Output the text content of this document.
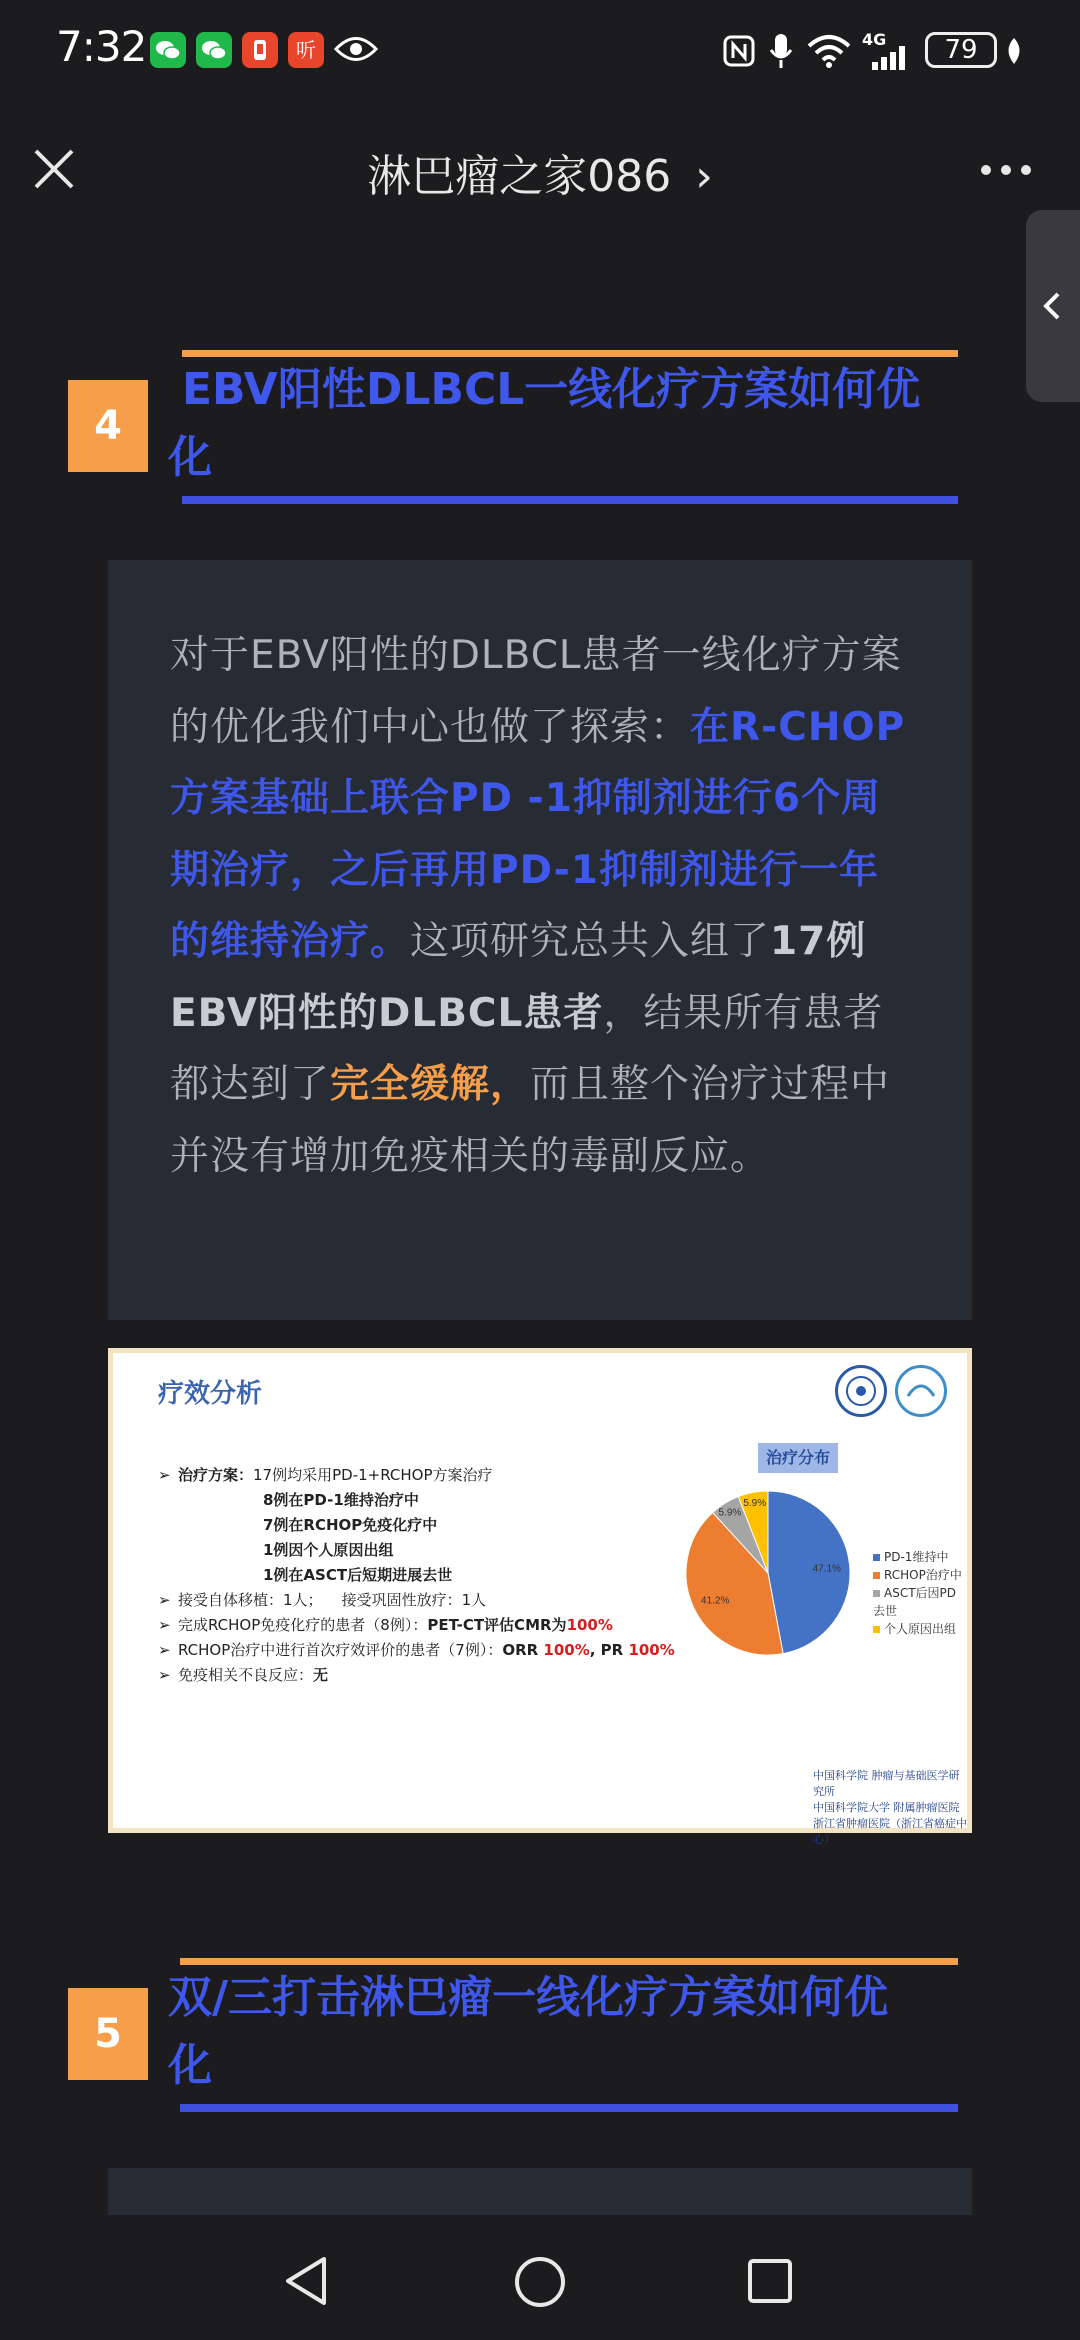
7:32	听	4G	79
淋巴瘤之家086 ›
4
EBV阳性DLBCL一线化疗方案如何优化
对于EBV阳性的DLBCL患者一线化疗方案的优化我们中心也做了探索：在R-CHOP方案基础上联合PD -1抑制剂进行6个周期治疗，之后再用PD-1抑制剂进行一年的维持治疗。这项研究总共入组了17例EBV阳性的DLBCL患者，结果所有患者都达到了完全缓解，而且整个治疗过程中并没有增加免疫相关的毒副反应。
疗效分析
➢ 治疗方案：17例均采用PD-1+RCHOP方案治疗
8例在PD-1维持治疗中
7例在RCHOP免疫化疗中
1例因个人原因出组
1例在ASCT后短期进展去世
➢ 接受自体移植：1人；    接受巩固性放疗：1人
➢ 完成RCHOP免疫化疗的患者（8例）：PET-CT评估CMR为100%
➢ RCHOP治疗中进行首次疗效评价的患者（7例）：ORR 100%, PR 100%
➢ 免疫相关不良反应：无
治疗分布
47.1%
41.2%
5.9%
5.9%
PD-1维持中
RCHOP治疗中
ASCT后因PD去世
个人原因出组
中国科学院 肿瘤与基础医学研究所
中国科学院大学 附属肿瘤医院
浙江省肿瘤医院（浙江省癌症中心）
5
双/三打击淋巴瘤一线化疗方案如何优化
